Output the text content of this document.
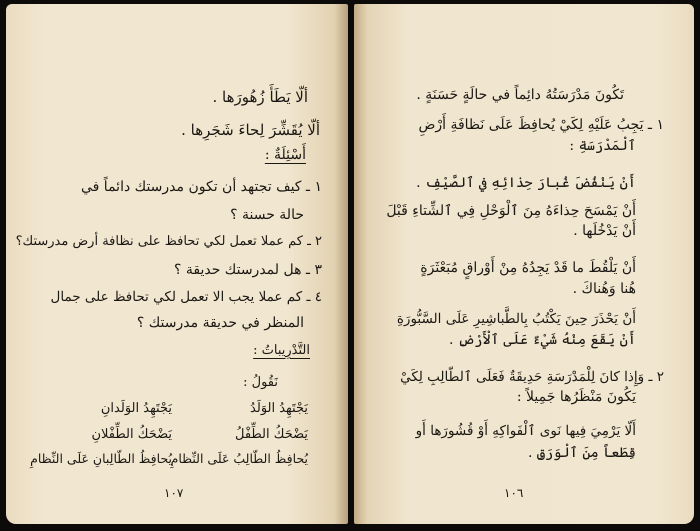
ألّا يَطَأَ زُهُورَها .
ألّا يُقَشِّرَ لِحاءَ شَجَرِها .
أَسْئِلَةٌ :
١ ـ كيف تجتهد أن تكون مدرستك دائماً في
حالة حسنة ؟
٢ ـ كم عملا تعمل لكي تحافظ على نظافة أرض مدرستك؟
٣ ـ هل لمدرستك حديقة ؟
٤ ـ كم عملا يجب الا تعمل لكي تحافظ على جمال
المنظر في حديقة مدرستك ؟
التَّدْرِيباتُ :
نَقُولُ :
يَجْتَهِدُ الوَلَدُ
يَجْتَهِدُ الوَلَدانِ
يَضْحَكُ الطِّفْلُ
يَضْحَكُ الطِّفْلانِ
يُحافِظُ الطّالِبُ عَلَى النِّظامِ
يُحافِظُ الطّالِبانِ عَلَى النِّظامِ
١٠٧
تَكُونَ مَدْرَسَتُهُ دائِماً في حالَةٍ حَسَنَةٍ .
١ ـ يَجِبُ عَلَيْهِ لِكَيْ يُحافِظَ عَلَى نَظافَةِ أَرْضِ
ٱلْمَدْرَسَةِ :
أَنْ يَنْفُضَ غُبارَ حِذائِهِ في ٱلصَّيْفِ .
أَنْ يَمْسَحَ حِذاءَهُ مِنَ ٱلْوَحْلِ فِي ٱلشِّتاءِ قَبْلَ
أَنْ يَدْخُلَها .
أَنْ يَلْقُطَ ما قَدْ يَجِدُهُ مِنْ أَوْراقٍ مُبَعْثَرَةٍ
هُنا وَهُناكَ .
أَنْ يَحْذَرَ حِينَ يَكْتُبُ بِالطَّباشِيرِ عَلَى السَّبُّورَةِ
أَنْ يَقَعَ مِنْهُ شَيْءٌ عَلَى ٱلْأَرْضِ .
٢ ـ وَإِذا كانَ لِلْمَدْرَسَةِ حَدِيقَةٌ فَعَلَى ٱلطّالِبِ لِكَيْ
يَكُونَ مَنْظَرُها جَمِيلاً :
أَلّا يَرْمِيَ فِيها نَوى ٱلْفَواكِهِ أَوْ قُشُورَها أَو
قِطَعاً مِنَ ٱلْوَرَقِ .
١٠٦
